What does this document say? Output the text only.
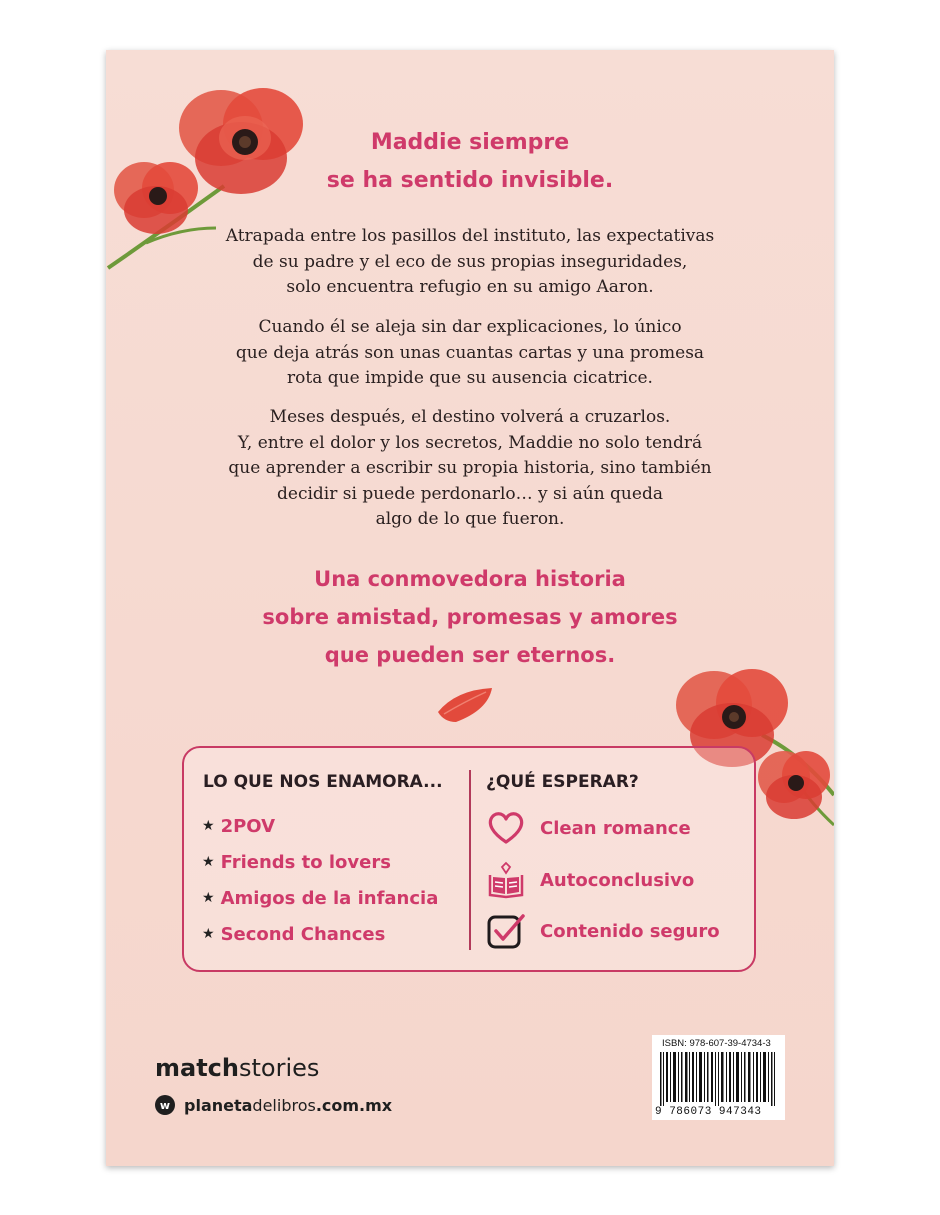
Maddie siempre
se ha sentido invisible.
Atrapada entre los pasillos del instituto, las expectativas
de su padre y el eco de sus propias inseguridades,
solo encuentra refugio en su amigo Aaron.
Cuando él se aleja sin dar explicaciones, lo único
que deja atrás son unas cuantas cartas y una promesa
rota que impide que su ausencia cicatrice.
Meses después, el destino volverá a cruzarlos.
Y, entre el dolor y los secretos, Maddie no solo tendrá
que aprender a escribir su propia historia, sino también
decidir si puede perdonarlo… y si aún queda
algo de lo que fueron.
Una conmovedora historia
sobre amistad, promesas y amores
que pueden ser eternos.
LO QUE NOS ENAMORA...
★ 2POV
★ Friends to lovers
★ Amigos de la infancia
★ Second Chances
¿QUÉ ESPERAR?
Clean romance
Autoconclusivo
Contenido seguro
matchstories
w planeta delibros .com.mx
ISBN: 978-607-39-4734-3
9 786073 947343
